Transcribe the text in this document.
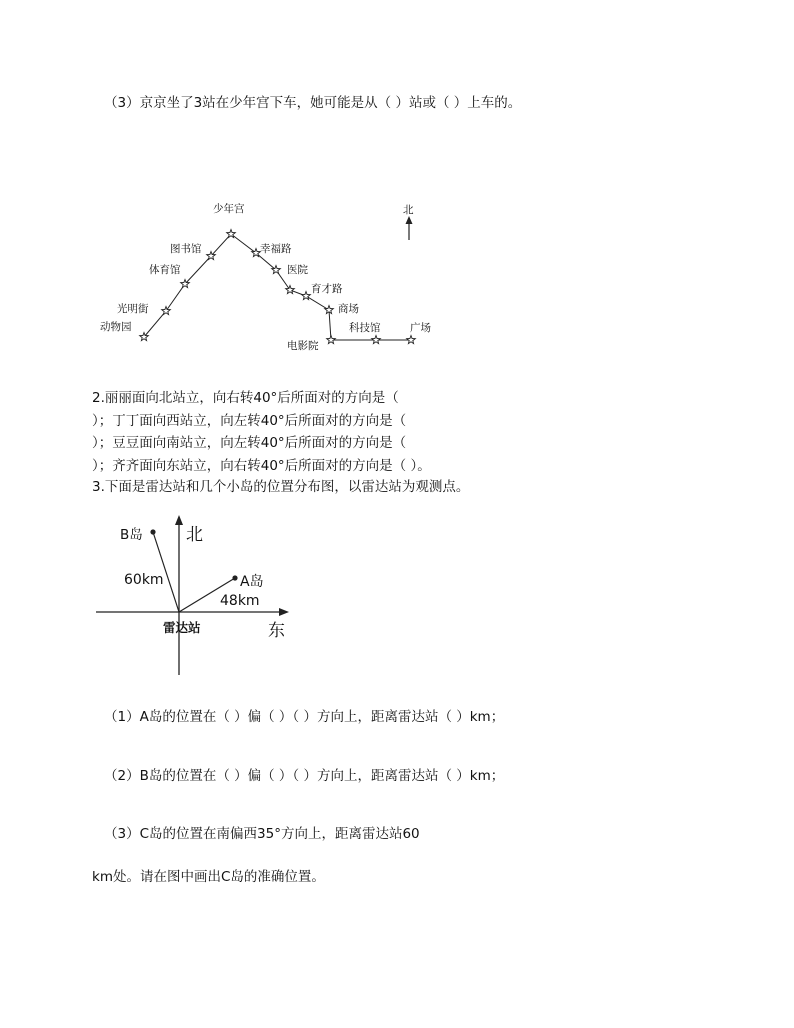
（3）京京坐了3站在少年宫下车，她可能是从（ ）站或（ ）上车的。
少年宫
图书馆
体育馆
光明街
动物园
幸福路
医院
育才路
商场
科技馆	广场
电影院
北
2.丽丽面向北站立，向右转40°后所面对的方向是（
）；丁丁面向西站立，向左转40°后所面对的方向是（
）；豆豆面向南站立，向左转40°后所面对的方向是（
）；齐齐面向东站立，向右转40°后所面对的方向是（ ）。
3.下面是雷达站和几个小岛的位置分布图，以雷达站为观测点。
北
东
B岛
A岛
60km
48km
雷达站
（1）A岛的位置在（ ）偏（ ）（ ）方向上，距离雷达站（ ）km；
（2）B岛的位置在（ ）偏（ ）（ ）方向上，距离雷达站（ ）km；
（3）C岛的位置在南偏西35°方向上，距离雷达站60
km处。请在图中画出C岛的准确位置。
